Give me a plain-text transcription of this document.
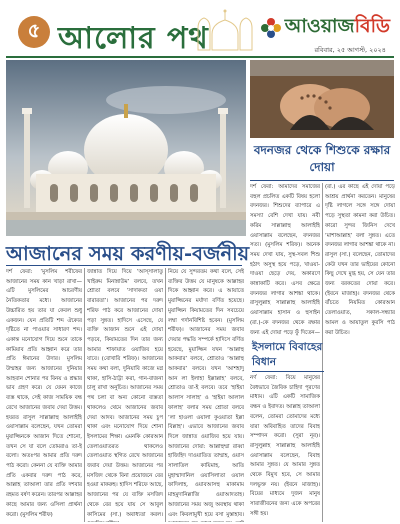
৫ আলোর পথ	আওয়াজবিডি
রবিবার, ২৫ আগস্ট, ২০২৪
আজানের সময় করণীয়-বর্জনীয়

দর্শ ফেরা: ‘মুসলিম শরীফের আজানের সময় কান খাড়া রাখা—এটি মুসলিমের আচরণীয় নৈতিকতার মধ্যে। আজানের উচ্চারিত হয় তার যা কেবল শুধু একজন। যেন প্রতিটি শব্দ ঐক্যের দৃষ্টিতে না পাওয়ার সাধারণ শব্দ। একান্ত মনোযোগ দিয়ে শুনে তাকে কামিয়াব প্রতি আহ্বান করে তার প্রতি ঈমানের উদার। মুসলিম উম্মাহর জন্য আজানের দুনিয়ার আহবান শোনার পর বিনয় ও শ্রদ্ধার ভাব গ্রহণ করে। যে যেমন কাজে ব্যস্ত থাকে, সেই কাজ সাময়িক বন্ধ রেখে আজানের জবাব দেয়া উত্তম। হযরত রাসুল সাল্লাল্লাহু আলাইহি ওয়াসাল্লাম বলেছেন, যখন তোমরা মুয়াজ্জিনকে আজান দিতে শোনো, তখন সে যা বলে তোমরাও তা-ই বলো। অতঃপর আমার প্রতি দরুদ পাঠ করো। কেননা যে ব্যক্তি আমার প্রতি একবার দরুদ পাঠ করে, আল্লাহ তাআলা তার প্রতি দশবার রহমত বর্ষণ করেন। তারপর আল্লাহর কাছে আমার জন্য ওসিলা প্রার্থনা করো। (মুসলিম শরীফ)

জান্নাত দিয়ে দিয়ে ‘আস্সালাতু খাইরুম মিনান্নাউম’ বলবে, তখন শ্রোতা বলবে ‘সাদাকতা ওয়া বারারতা’। আজানের পর দরুদ শরিফ পাঠ করে আজানের দোয়া পড়া সুন্নত। হাদিসে এসেছে, যে ব্যক্তি আজান শুনে এই দোয়া পড়বে, কিয়ামতের দিন তার জন্য আমার শাফায়াত ওয়াজিব হয়ে যাবে। (বোখারি শরিফ)। আজানের সময় কথা বলা, দুনিয়াবি কাজে মগ্ন থাকা, হাসি-ঠাট্টা করা, গান-বাজনা চালু রাখা অনুচিত। আজানের সময় পথ চলা বা অন্য কোনো ব্যস্ততা থাকলেও থেমে আজানের জবাব দেয়া আদব। আজানের সময় চুপ থাকা এবং মনোযোগ দিয়ে শোনা ইসলামের শিক্ষা। এমনকি কোরআন তেলাওয়াতরত থাকলেও তেলাওয়াত স্থগিত রেখে আজানের জবাব দেয়া উত্তম। আজানের পর মসজিদ থেকে বিনা প্রয়োজনে বের হওয়া মাকরুহ। হাদিস শরিফে আছে, আজানের পর যে ব্যক্তি মসজিদ থেকে বের হয়ে যায় সে আবুল কাসিমের (সা.) অবাধ্যতা করল।

নিয়ে যে সুন্দরতম কথা বলে, সেই ব্যক্তির উত্তম যে মানুষকে আল্লাহর দিকে আহ্বান করে। এ আয়াতে মুয়াজ্জিনের মর্যাদা বর্ণিত হয়েছে। মুয়াজ্জিন কিয়ামতের দিন সবচেয়ে লম্বা গর্দানবিশিষ্ট হবেন। (মুসলিম শরীফ)। আজানের সময় জবাব দেয়ার পদ্ধতি সম্পর্কে হাদিসে বর্ণিত হয়েছে, মুয়াজ্জিন যখন ‘আল্লাহু আকবার’ বলবে, শ্রোতাও ‘আল্লাহু আকবার’ বলবে। যখন ‘আশহাদু আন লা ইলাহা ইল্লাল্লাহ’ বলবে, শ্রোতাও তা-ই বলবে। তবে ‘হাইয়া আলাস সালাহ’ ও ‘হাইয়া আলাল ফালাহ’ বলার সময় শ্রোতা বলবে ‘লা হাওলা ওয়ালা কুওয়াতা ইল্লা বিল্লাহ’। এভাবে আজানের জবাব দিলে জান্নাত ওয়াজিব হয়ে যায়। আজানের দোয়া: আল্লাহুম্মা রাব্বা হাজিহিদ দাওয়াতিত তাম্মাহ, ওয়াস সালাতিল কায়িমাহ, আতি মুহাম্মাদানিল ওয়াসিলাতা ওয়াল ফাদিলাহ, ওয়াবআসহু মাকামাম মাহমুদানিল্লাজি ওয়াআদতাহ। আজানের সময় অজু অবস্থায় থাকা এবং কিবলামুখী হয়ে বসা মুস্তাহাব।

বদনজর থেকে শিশুকে রক্ষার দোয়া

দর্শ ফেরা: আমাদের সমাজের বহুল প্রচলিত একটি বিষয় হলো বদনজর। শিশুদের ব্যাপারে এ সমস্যা বেশি দেখা যায়। নবী করিম সাল্লাল্লাহু আলাইহি ওয়াসাল্লাম বলেছেন, বদনজর সত্য। (মুসলিম শরিফ)। অনেক সময় দেখা যায়, সুস্থ-সবল শিশু হঠাৎ অসুস্থ হয়ে পড়ে, খাওয়া-দাওয়া ছেড়ে দেয়, অকারণে কান্নাকাটি করে। এসব ক্ষেত্রে বদনজর লাগার আশঙ্কা থাকে। রাসুলুল্লাহ সাল্লাল্লাহু আলাইহি ওয়াসাল্লাম হাসান ও হুসাইন (রা.)-কে বদনজর থেকে রক্ষার জন্য এই দোয়া পড়ে ফুঁ দিতেন—

(রা.) এর কাছে এই দোয়া পড়ে আশ্রয় প্রার্থনা করতেন। মানুষের দৃষ্টি লাগলে সঙ্গে সঙ্গে দোয়া পড়ে সুস্থতা কামনা করা উচিত। কারো সুন্দর জিনিস দেখে ‘মাশাআল্লাহ’ বলা সুন্নত। এতে বদনজর লাগার আশঙ্কা থাকে না। রাসুল (সা.) বলেছেন, তোমাদের কেউ যখন তার ভাইয়ের কোনো কিছু দেখে মুগ্ধ হয়, সে যেন তার জন্য বরকতের দোয়া করে। (ইবনে মাজাহ)। বদনজর থেকে বাঁচতে নিয়মিত কোরআন তেলাওয়াত, সকাল-সন্ধ্যার আমল ও আয়াতুল কুরসি পাঠ করা উচিত।

ইসলামে বিবাহের বিধান

নর্ণ ফেরা: বিয়ে মানুষের বৈধভাবে জৈবিক চাহিদা পূরণের মাধ্যম। এটি একটি সামাজিক বন্ধন ও ইবাদত। আল্লাহ তাআলা বলেন, তোমরা তোমাদের মধ্যে যারা অবিবাহিত তাদের বিবাহ সম্পাদন করো। (সুরা নূর)। রাসুলুল্লাহ সাল্লাল্লাহু আলাইহি ওয়াসাল্লাম বলেছেন, বিবাহ আমার সুন্নত। যে আমার সুন্নত থেকে বিমুখ হবে, সে আমার দলভুক্ত নয়। (ইবনে মাজাহ)। বিয়ের মাধ্যমে দুজন মানুষ সারাজীবনের জন্য একে অপরের সঙ্গী হয়।
